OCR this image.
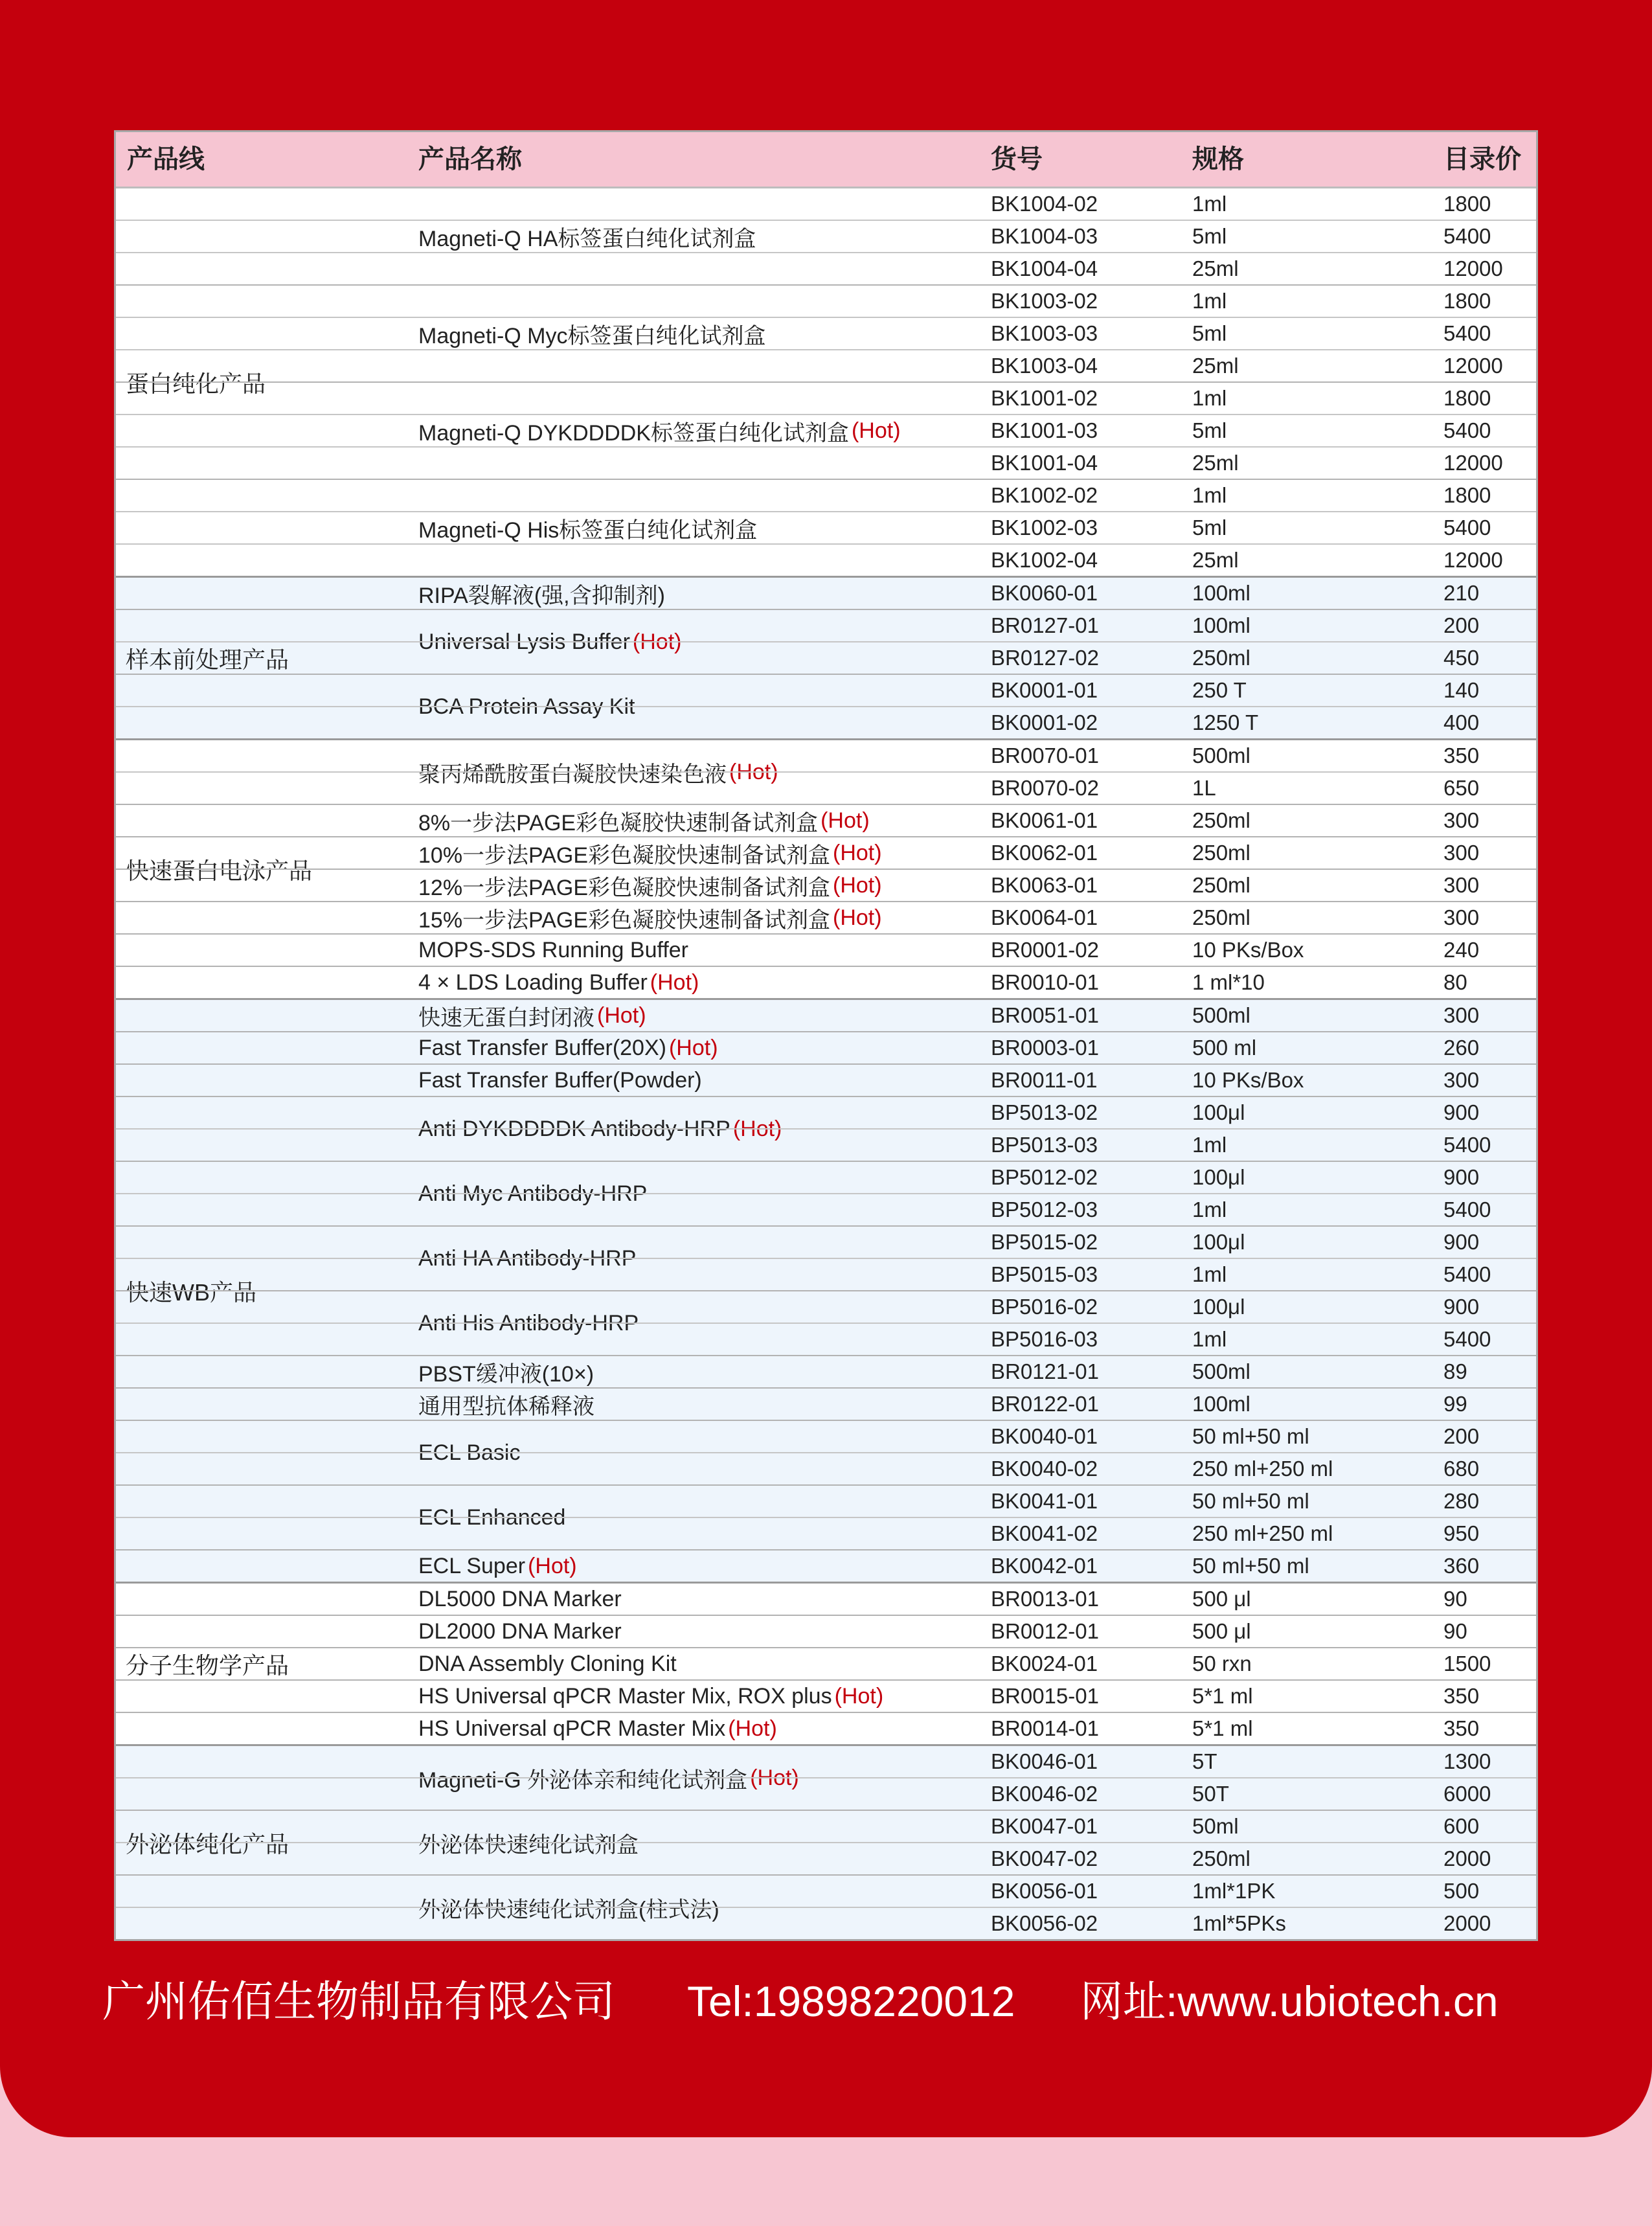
产品线	产品名称	货号	规格	目录价
蛋白纯化产品
Magneti-Q HA标签蛋白纯化试剂盒
BK1004-02	1ml	1800
BK1004-03	5ml	5400
BK1004-04	25ml	12000
Magneti-Q Myc标签蛋白纯化试剂盒
BK1003-02	1ml	1800
BK1003-03	5ml	5400
BK1003-04	25ml	12000
Magneti-Q DYKDDDDK标签蛋白纯化试剂盒 (Hot)
BK1001-02	1ml	1800
BK1001-03	5ml	5400
BK1001-04	25ml	12000
Magneti-Q His标签蛋白纯化试剂盒
BK1002-02	1ml	1800
BK1002-03	5ml	5400
BK1002-04	25ml	12000
样本前处理产品
RIPA裂解液(强,含抑制剂)	BK0060-01	100ml	210
Universal Lysis Buffer (Hot)
BR0127-01	100ml	200
BR0127-02	250ml	450
BCA Protein Assay Kit
BK0001-01	250 T	140
BK0001-02	1250 T	400
快速蛋白电泳产品
聚丙烯酰胺蛋白凝胶快速染色液 (Hot)
BR0070-01	500ml	350
BR0070-02	1L	650
8%一步法PAGE彩色凝胶快速制备试剂盒 (Hot)	BK0061-01	250ml	300
10%一步法PAGE彩色凝胶快速制备试剂盒 (Hot)	BK0062-01	250ml	300
12%一步法PAGE彩色凝胶快速制备试剂盒 (Hot)	BK0063-01	250ml	300
15%一步法PAGE彩色凝胶快速制备试剂盒 (Hot)	BK0064-01	250ml	300
MOPS-SDS Running Buffer	BR0001-02	10 PKs/Box	240
4 × LDS Loading Buffer (Hot)	BR0010-01	1 ml*10	80
快速WB产品
快速无蛋白封闭液 (Hot)	BR0051-01	500ml	300
Fast Transfer Buffer(20X) (Hot)	BR0003-01	500 ml	260
Fast Transfer Buffer(Powder)	BR0011-01	10 PKs/Box	300
Anti DYKDDDDK Antibody-HRP (Hot)
BP5013-02	100μl	900
BP5013-03	1ml	5400
Anti Myc Antibody-HRP
BP5012-02	100μl	900
BP5012-03	1ml	5400
Anti HA Antibody-HRP
BP5015-02	100μl	900
BP5015-03	1ml	5400
Anti His Antibody-HRP
BP5016-02	100μl	900
BP5016-03	1ml	5400
PBST缓冲液(10×)	BR0121-01	500ml	89
通用型抗体稀释液	BR0122-01	100ml	99
ECL Basic
BK0040-01	50 ml+50 ml	200
BK0040-02	250 ml+250 ml	680
ECL Enhanced
BK0041-01	50 ml+50 ml	280
BK0041-02	250 ml+250 ml	950
ECL Super (Hot)	BK0042-01	50 ml+50 ml	360
分子生物学产品
DL5000 DNA Marker	BR0013-01	500 μl	90
DL2000 DNA Marker	BR0012-01	500 μl	90
DNA Assembly Cloning Kit	BK0024-01	50 rxn	1500
HS Universal qPCR Master Mix, ROX plus (Hot)	BR0015-01	5*1 ml	350
HS Universal qPCR Master Mix (Hot)	BR0014-01	5*1 ml	350
外泌体纯化产品
Magneti-G 外泌体亲和纯化试剂盒 (Hot)
BK0046-01	5T	1300
BK0046-02	50T	6000
外泌体快速纯化试剂盒
BK0047-01	50ml	600
BK0047-02	250ml	2000
外泌体快速纯化试剂盒(柱式法)
BK0056-01	1ml*1PK	500
BK0056-02	1ml*5PKs	2000
广州佑佰生物制品有限公司 Tel:19898220012 网址:www.ubiotech.cn
